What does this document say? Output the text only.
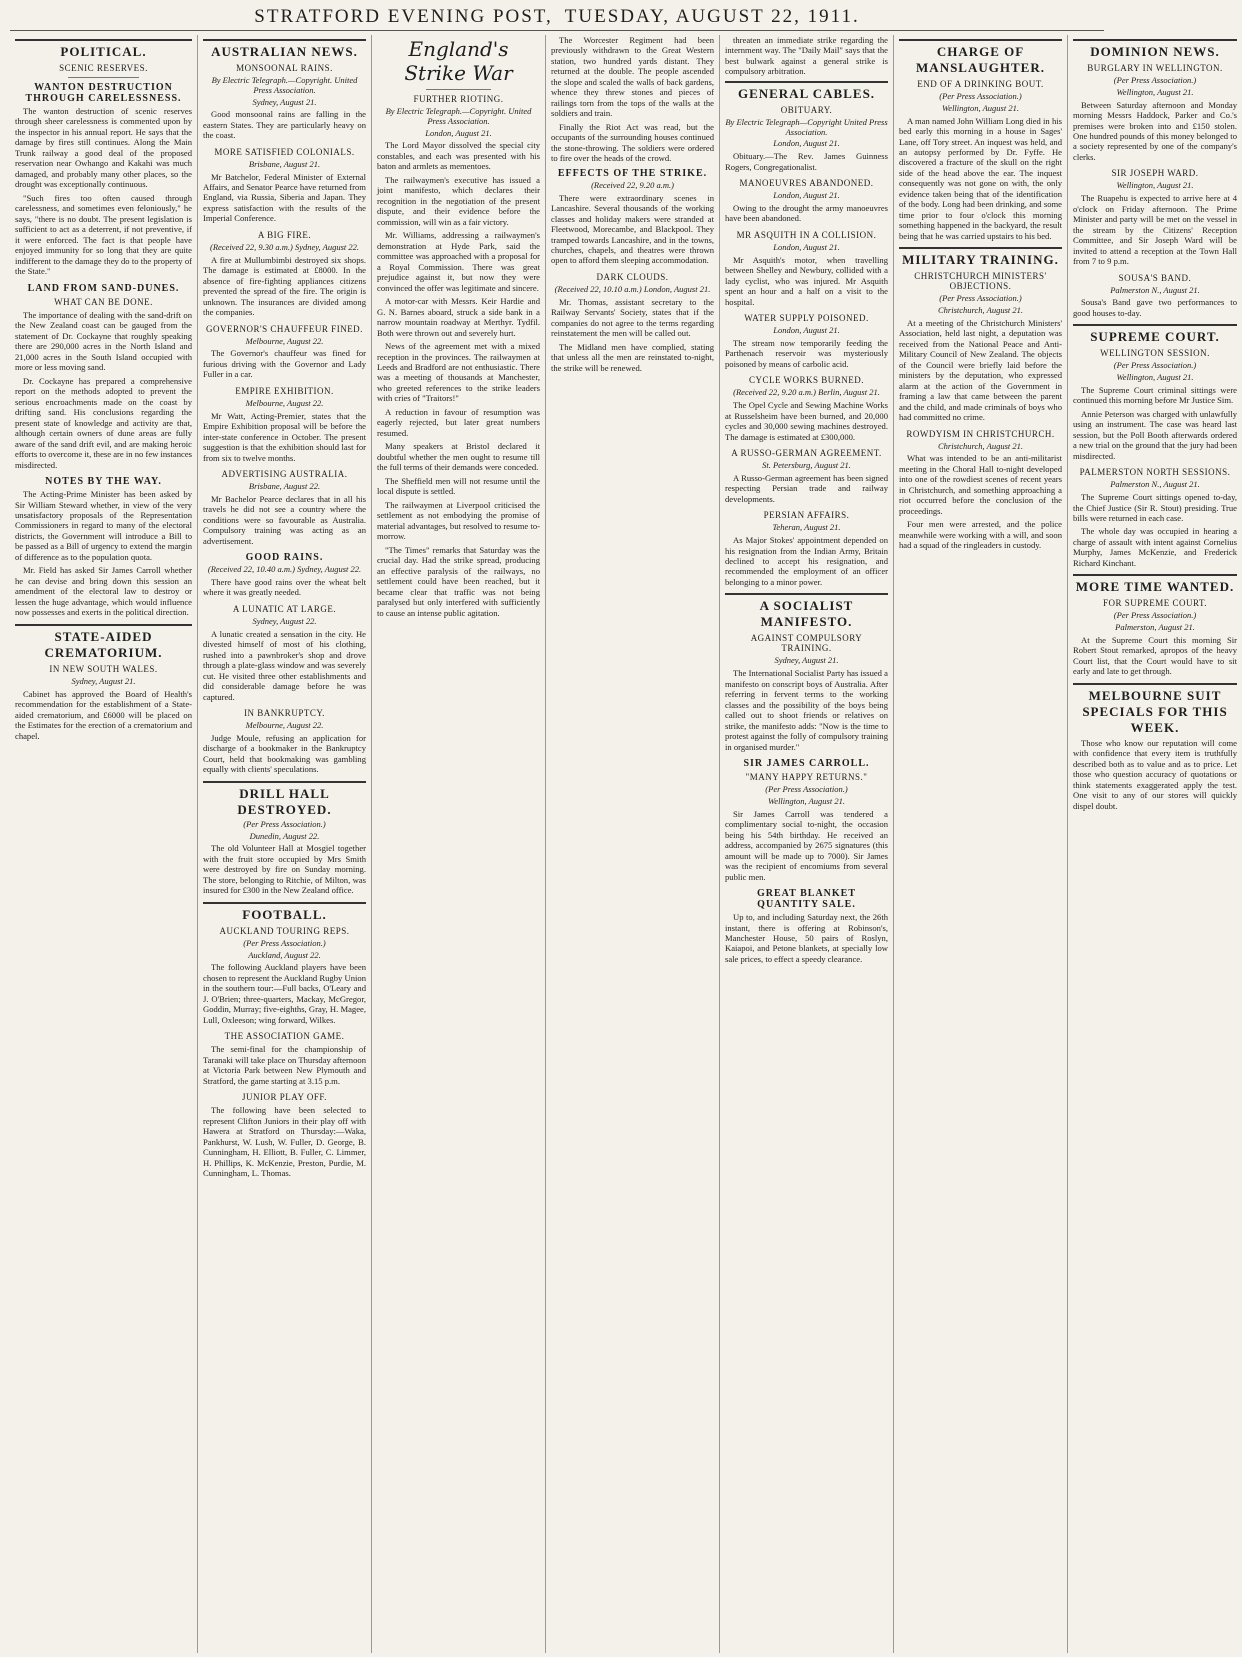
STRATFORD EVENING POST, TUESDAY, AUGUST 22, 1911.
POLITICAL.
SCENIC RESERVES.
WANTON DESTRUCTION THROUGH CARELESSNESS.

The wanton destruction of scenic reserves through sheer carelessness is commented upon by the inspector in his annual report. He says that the damage by fires still continues. Along the Main Trunk railway a good deal of the proposed reservation near Owhango and Kakahi was much damaged, and probably many other places, so the drought was exceptionally continuous.

"Such fires too often caused through carelessness, and sometimes even feloniously," he says, "there is no doubt. The present legislation is sufficient to act as a deterrent, if not preventive, if it were enforced. The fact is that people have enjoyed immunity for so long that they are quite indifferent to the damage they do to the property of the State."

LAND FROM SAND-DUNES.
WHAT CAN BE DONE.

The importance of dealing with the sand-drift on the New Zealand coast can be gauged from the statement of Dr. Cockayne that roughly speaking there are 290,000 acres in the North Island and 21,000 acres in the South Island occupied with more or less moving sand.

Dr. Cockayne has prepared a comprehensive report on the methods adopted to prevent the serious encroachments made on the coast by drifting sand. His conclusions regarding the present state of knowledge and activity are that, although certain owners of dune areas are fully aware of the sand drift evil, and are making heroic efforts to overcome it, these are in no few instances misdirected.

NOTES BY THE WAY.

The Acting-Prime Minister has been asked by Sir William Steward whether, in view of the very unsatisfactory proposals of the Representation Commissioners in regard to many of the electoral districts, the Government will introduce a Bill to be passed as a Bill of urgency to extend the margin of difference as to the population quota.

Mr. Field has asked Sir James Carroll whether he can devise and bring down this session an amendment of the electoral law to destroy or lessen the huge advantage, which would influence now possesses and exerts in the political direction.

STATE-AIDED CREMATORIUM.
IN NEW SOUTH WALES.
Sydney, August 21.

Cabinet has approved the Board of Health's recommendation for the establishment of a State-aided crematorium, and £6000 will be placed on the Estimates for the erection of a crematorium and chapel.

AUSTRALIAN NEWS.
MONSOONAL RAINS.
By Electric Telegraph.—Copyright. United Press Association.
Sydney, August 21.

Good monsoonal rains are falling in the eastern States. They are particularly heavy on the coast.

MORE SATISFIED COLONIALS.
Brisbane, August 21.

Mr Batchelor, Federal Minister of External Affairs, and Senator Pearce have returned from England, via Russia, Siberia and Japan. They express satisfaction with the results of the Imperial Conference.

A BIG FIRE.
(Received 22, 9.30 a.m.) Sydney, August 22.

A fire at Mullumbimbi destroyed six shops. The damage is estimated at £8000. In the absence of fire-fighting appliances citizens prevented the spread of the fire. The origin is unknown. The insurances are divided among the companies.

GOVERNOR'S CHAUFFEUR FINED.
Melbourne, August 22.

The Governor's chauffeur was fined for furious driving with the Governor and Lady Fuller in a car.

EMPIRE EXHIBITION.
Melbourne, August 22.

Mr Watt, Acting-Premier, states that the Empire Exhibition proposal will be before the inter-state conference in October. The present suggestion is that the exhibition should last for from six to twelve months.

ADVERTISING AUSTRALIA.
Brisbane, August 22.

Mr Bachelor Pearce declares that in all his travels he did not see a country where the conditions were so favourable as Australia. Compulsory training was acting as an advertisement.

GOOD RAINS.
(Received 22, 10.40 a.m.) Sydney, August 22.

There have good rains over the wheat belt where it was greatly needed.

A LUNATIC AT LARGE.
Sydney, August 22.

A lunatic created a sensation in the city. He divested himself of most of his clothing, rushed into a pawnbroker's shop and drove through a plate-glass window and was severely cut. He visited three other establishments and did considerable damage before he was captured.

IN BANKRUPTCY.
Melbourne, August 22.

Judge Moule, refusing an application for discharge of a bookmaker in the Bankruptcy Court, held that bookmaking was gambling equally with clients' speculations.

DRILL HALL DESTROYED.
(Per Press Association.)
Dunedin, August 22.

The old Volunteer Hall at Mosgiel together with the fruit store occupied by Mrs Smith were destroyed by fire on Sunday morning. The store, belonging to Ritchie, of Milton, was insured for £300 in the New Zealand office.

FOOTBALL.
AUCKLAND TOURING REPS.
(Per Press Association.)
Auckland, August 22.

The following Auckland players have been chosen to represent the Auckland Rugby Union in the southern tour:—Full backs, O'Leary and J. O'Brien; three-quarters, Mackay, McGregor, Goddin, Murray; five-eighths, Gray, H. Magee, Lull, Oxleeson; wing forward, Wilkes.

THE ASSOCIATION GAME.

The semi-final for the championship of Taranaki will take place on Thursday afternoon at Victoria Park between New Plymouth and Stratford, the game starting at 3.15 p.m.

JUNIOR PLAY OFF.

The following have been selected to represent Clifton Juniors in their play off with Hawera at Stratford on Thursday:—Waka, Pankhurst, W. Lush, W. Fuller, D. George, B. Cunningham, H. Elliott, B. Fuller, C. Limmer, H. Phillips, K. McKenzie, Preston, Purdie, M. Cunningham, L. Thomas.

England's Strike War
FURTHER RIOTING.
By Electric Telegraph.—Copyright. United Press Association.
London, August 21.

The Lord Mayor dissolved the special city constables, and each was presented with his baton and armlets as mementoes.

The railwaymen's executive has issued a joint manifesto, which declares their recognition in the negotiation of the present dispute, and their evidence before the commission, will win as a fair victory.

Mr. Williams, addressing a railwaymen's demonstration at Hyde Park, said the committee was approached with a proposal for a Royal Commission. There was great prejudice against it, but now they were convinced the offer was legitimate and sincere.

A motor-car with Messrs. Keir Hardie and G. N. Barnes aboard, struck a side bank in a narrow mountain roadway at Merthyr. Tydfil. Both were thrown out and severely hurt.

News of the agreement met with a mixed reception in the provinces. The railwaymen at Leeds and Bradford are not enthusiastic. There was a meeting of thousands at Manchester, who greeted references to the strike leaders with cries of "Traitors!"

A reduction in favour of resumption was eagerly rejected, but later great numbers resumed.

Many speakers at Bristol declared it doubtful whether the men ought to resume till the full terms of their demands were conceded.

The Sheffield men will not resume until the local dispute is settled.

The railwaymen at Liverpool criticised the settlement as not embodying the promise of material advantages, but resolved to resume to-morrow.

"The Times" remarks that Saturday was the crucial day. Had the strike spread, producing an effective paralysis of the railways, no settlement could have been reached, but it became clear that traffic was not being paralysed but only interfered with sufficiently to cause an intense public agitation.

The Worcester Regiment had been previously withdrawn to the Great Western station, two hundred yards distant. They returned at the double. The people ascended the slope and scaled the walls of back gardens, whence they threw stones and pieces of railings torn from the tops of the walls at the soldiers and train.

Finally the Riot Act was read, but the occupants of the surrounding houses continued the stone-throwing. The soldiers were ordered to fire over the heads of the crowd.

EFFECTS OF THE STRIKE.
(Received 22, 9.20 a.m.)

There were extraordinary scenes in Lancashire. Several thousands of the working classes and holiday makers were stranded at Fleetwood, Morecambe, and Blackpool. They tramped towards Lancashire, and in the towns, churches, chapels, and theatres were thrown open to afford them sleeping accommodation.

DARK CLOUDS.
(Received 22, 10.10 a.m.) London, August 21.

Mr. Thomas, assistant secretary to the Railway Servants' Society, states that if the companies do not agree to the terms regarding reinstatement the men will be called out.

The Midland men have complied, stating that unless all the men are reinstated to-night, the strike will be renewed.

threaten an immediate strike regarding the internment way. The "Daily Mail" says that the best bulwark against a general strike is compulsory arbitration.

GENERAL CABLES.
OBITUARY.
By Electric Telegraph—Copyright United Press Association.
London, August 21.

Obituary.—The Rev. James Guinness Rogers, Congregationalist.

MANOEUVRES ABANDONED.
London, August 21.

Owing to the drought the army manoeuvres have been abandoned.

MR ASQUITH IN A COLLISION.
London, August 21.

Mr Asquith's motor, when travelling between Shelley and Newbury, collided with a lady cyclist, who was injured. Mr Asquith spent an hour and a half on a visit to the hospital.

WATER SUPPLY POISONED.
London, August 21.

The stream now temporarily feeding the Parthenach reservoir was mysteriously poisoned by means of carbolic acid.

CYCLE WORKS BURNED.
(Received 22, 9.20 a.m.) Berlin, August 21.

The Opel Cycle and Sewing Machine Works at Russelsheim have been burned, and 20,000 cycles and 30,000 sewing machines destroyed. The damage is estimated at £300,000.

A RUSSO-GERMAN AGREEMENT.
St. Petersburg, August 21.

A Russo-German agreement has been signed respecting Persian trade and railway developments.

PERSIAN AFFAIRS.
Teheran, August 21.

As Major Stokes' appointment depended on his resignation from the Indian Army, Britain declined to accept his resignation, and recommended the employment of an officer belonging to a minor power.

A SOCIALIST MANIFESTO.
AGAINST COMPULSORY TRAINING.
Sydney, August 21.

The International Socialist Party has issued a manifesto on conscript boys of Australia. After referring in fervent terms to the working classes and the possibility of the boys being called out to shoot friends or relatives on strike, the manifesto adds: "Now is the time to protest against the folly of compulsory training in organised murder."

SIR JAMES CARROLL.
"MANY HAPPY RETURNS."
(Per Press Association.)
Wellington, August 21.

Sir James Carroll was tendered a complimentary social to-night, the occasion being his 54th birthday. He received an address, accompanied by 2675 signatures (this amount will be made up to 7000). Sir James was the recipient of encomiums from several public men.

GREAT BLANKET QUANTITY SALE.

Up to, and including Saturday next, the 26th instant, there is offering at Robinson's, Manchester House, 50 pairs of Roslyn, Kaiapoi, and Petone blankets, at specially low sale prices, to effect a speedy clearance.

CHARGE OF MANSLAUGHTER.
END OF A DRINKING BOUT.
(Per Press Association.)
Wellington, August 21.

A man named John William Long died in his bed early this morning in a house in Sages' Lane, off Tory street. An inquest was held, and an autopsy performed by Dr. Fyffe. He discovered a fracture of the skull on the right side of the head above the ear. The inquest consequently was not gone on with, the only evidence taken being that of the identification of the body. Long had been drinking, and some time prior to four o'clock this morning something happened in the backyard, the result being that he was carried upstairs to his bed.

MILITARY TRAINING.
CHRISTCHURCH MINISTERS' OBJECTIONS.
(Per Press Association.)
Christchurch, August 21.

At a meeting of the Christchurch Ministers' Association, held last night, a deputation was received from the National Peace and Anti-Military Council of New Zealand. The objects of the Council were briefly laid before the ministers by the deputation, who expressed alarm at the action of the Government in framing a law that came between the parent and the child, and made criminals of boys who had committed no crime.

ROWDYISM IN CHRISTCHURCH.
Christchurch, August 21.

What was intended to be an anti-militarist meeting in the Choral Hall to-night developed into one of the rowdiest scenes of recent years in Christchurch, and something approaching a riot occurred before the conclusion of the proceedings.

Four men were arrested, and the police meanwhile were working with a will, and soon had a squad of the ringleaders in custody.

DOMINION NEWS.
BURGLARY IN WELLINGTON.
(Per Press Association.)
Wellington, August 21.

Between Saturday afternoon and Monday morning Messrs Haddock, Parker and Co.'s premises were broken into and £150 stolen. One hundred pounds of this money belonged to a society represented by one of the company's clerks.

SIR JOSEPH WARD.
Wellington, August 21.

The Ruapehu is expected to arrive here at 4 o'clock on Friday afternoon. The Prime Minister and party will be met on the vessel in the stream by the Citizens' Reception Committee, and Sir Joseph Ward will be invited to attend a reception at the Town Hall from 7 to 9 p.m.

SOUSA'S BAND.
Palmerston N., August 21.

Sousa's Band gave two performances to good houses to-day.

SUPREME COURT.
WELLINGTON SESSION.
(Per Press Association.)
Wellington, August 21.

The Supreme Court criminal sittings were continued this morning before Mr Justice Sim.

Annie Peterson was charged with unlawfully using an instrument. The case was heard last session, but the Poll Booth afterwards ordered a new trial on the ground that the jury had been misdirected.

PALMERSTON NORTH SESSIONS.
Palmerston N., August 21.

The Supreme Court sittings opened to-day, the Chief Justice (Sir R. Stout) presiding. True bills were returned in each case.

The whole day was occupied in hearing a charge of assault with intent against Cornelius Murphy, James McKenzie, and Frederick Richard Kinchant.

MORE TIME WANTED.
FOR SUPREME COURT.
(Per Press Association.)
Palmerston, August 21.

At the Supreme Court this morning Sir Robert Stout remarked, apropos of the heavy Court list, that the Court would have to sit early and late to get through.

MELBOURNE SUIT SPECIALS FOR THIS WEEK.

Those who know our reputation will come with confidence that every item is truthfully described both as to value and as to price. Let those who question accuracy of quotations or think statements exaggerated apply the test. One visit to any of our stores will quickly dispel doubt.
